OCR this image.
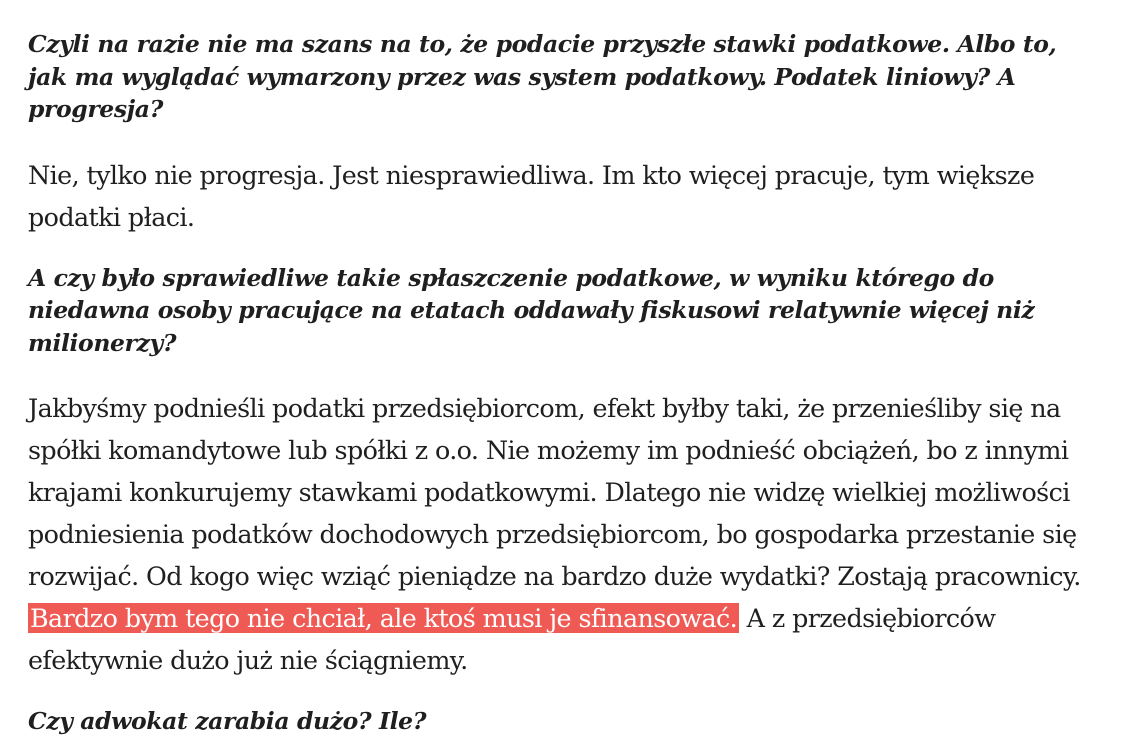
Czyli na razie nie ma szans na to, że podacie przyszłe stawki podatkowe. Albo to, jak ma wyglądać wymarzony przez was system podatkowy. Podatek liniowy? A progresja?

Nie, tylko nie progresja. Jest niesprawiedliwa. Im kto więcej pracuje, tym większe podatki płaci.

A czy było sprawiedliwe takie spłaszczenie podatkowe, w wyniku którego do niedawna osoby pracujące na etatach oddawały fiskusowi relatywnie więcej niż milionerzy?

Jakbyśmy podnieśli podatki przedsiębiorcom, efekt byłby taki, że przenieśliby się na spółki komandytowe lub spółki z o.o. Nie możemy im podnieść obciążeń, bo z innymi krajami konkurujemy stawkami podatkowymi. Dlatego nie widzę wielkiej możliwości podniesienia podatków dochodowych przedsiębiorcom, bo gospodarka przestanie się rozwijać. Od kogo więc wziąć pieniądze na bardzo duże wydatki? Zostają pracownicy. Bardzo bym tego nie chciał, ale ktoś musi je sfinansować. A z przedsiębiorców efektywnie dużo już nie ściągniemy.

Czy adwokat zarabia dużo? Ile?
